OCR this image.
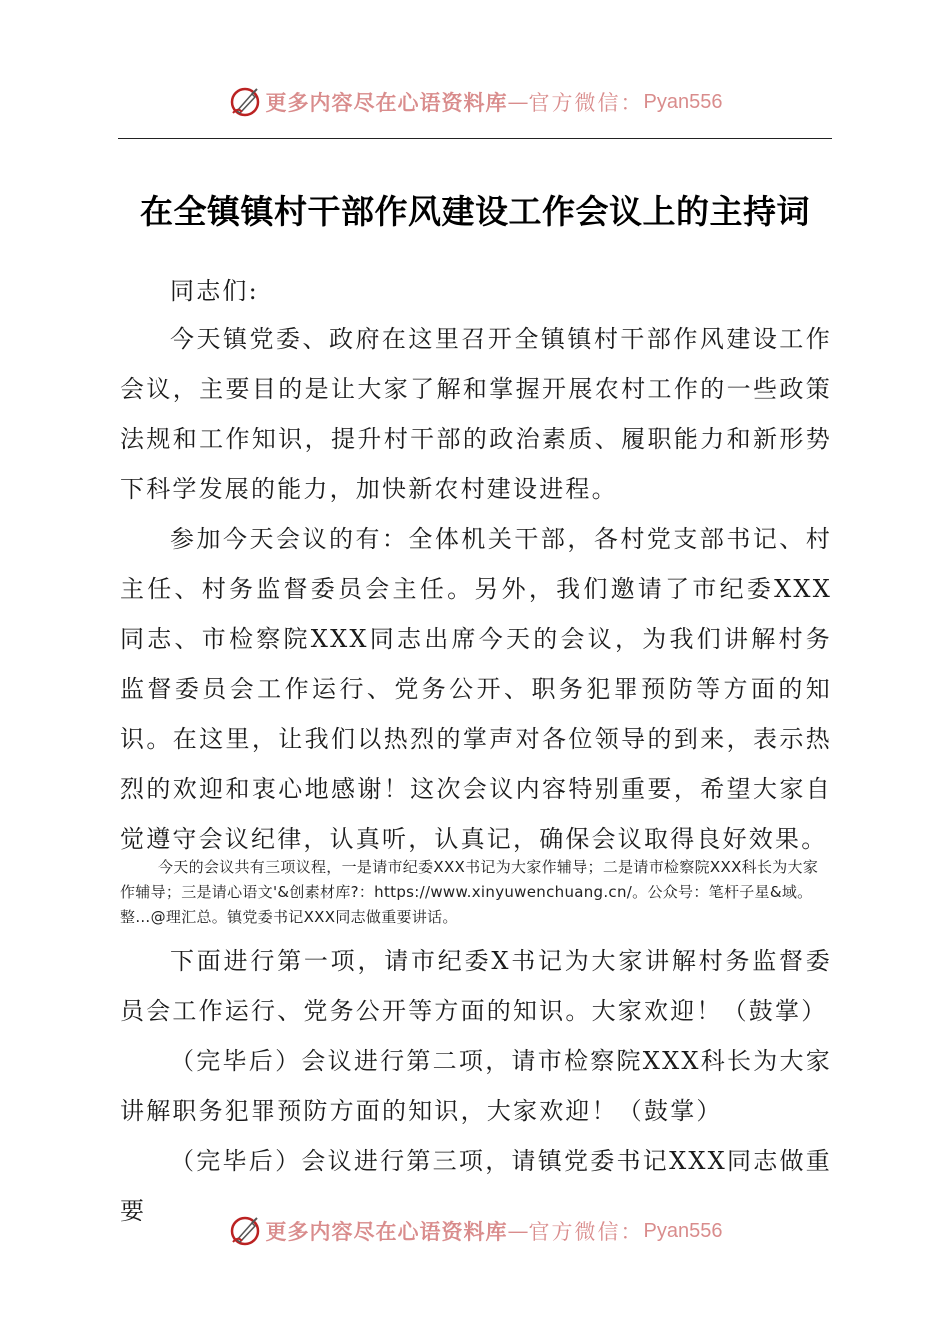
更多内容尽在心语资料库 — 官方微信： Pyan556
在全镇镇村干部作风建设工作会议上的主持词
同志们:
今天镇党委、政府在这里召开全镇镇村干部作风建设工作会议，主要目的是让大家了解和掌握开展农村工作的一些政策法规和工作知识，提升村干部的政治素质、履职能力和新形势下科学发展的能力，加快新农村建设进程。
参加今天会议的有：全体机关干部，各村党支部书记、村主任、村务监督委员会主任。另外，我们邀请了市纪委XXX同志、市检察院XXX同志出席今天的会议，为我们讲解村务监督委员会工作运行、党务公开、职务犯罪预防等方面的知识。在这里，让我们以热烈的掌声对各位领导的到来，表示热烈的欢迎和衷心地感谢！这次会议内容特别重要，希望大家自觉遵守会议纪律，认真听，认真记，确保会议取得良好效果。
今天的会议共有三项议程，一是请市纪委XXX书记为大家作辅导；二是请市检察院XXX科长为大家作辅导；三是请心语文'&创素材库?：https://www.xinyuwenchuang.cn/。公众号：笔杆子星&域。整…@理汇总。镇党委书记XXX同志做重要讲话。
下面进行第一项，请市纪委X书记为大家讲解村务监督委员会工作运行、党务公开等方面的知识。大家欢迎！（鼓掌）
（完毕后）会议进行第二项，请市检察院XXX科长为大家讲解职务犯罪预防方面的知识，大家欢迎！（鼓掌）
（完毕后）会议进行第三项，请镇党委书记XXX同志做重要
更多内容尽在心语资料库 — 官方微信： Pyan556
